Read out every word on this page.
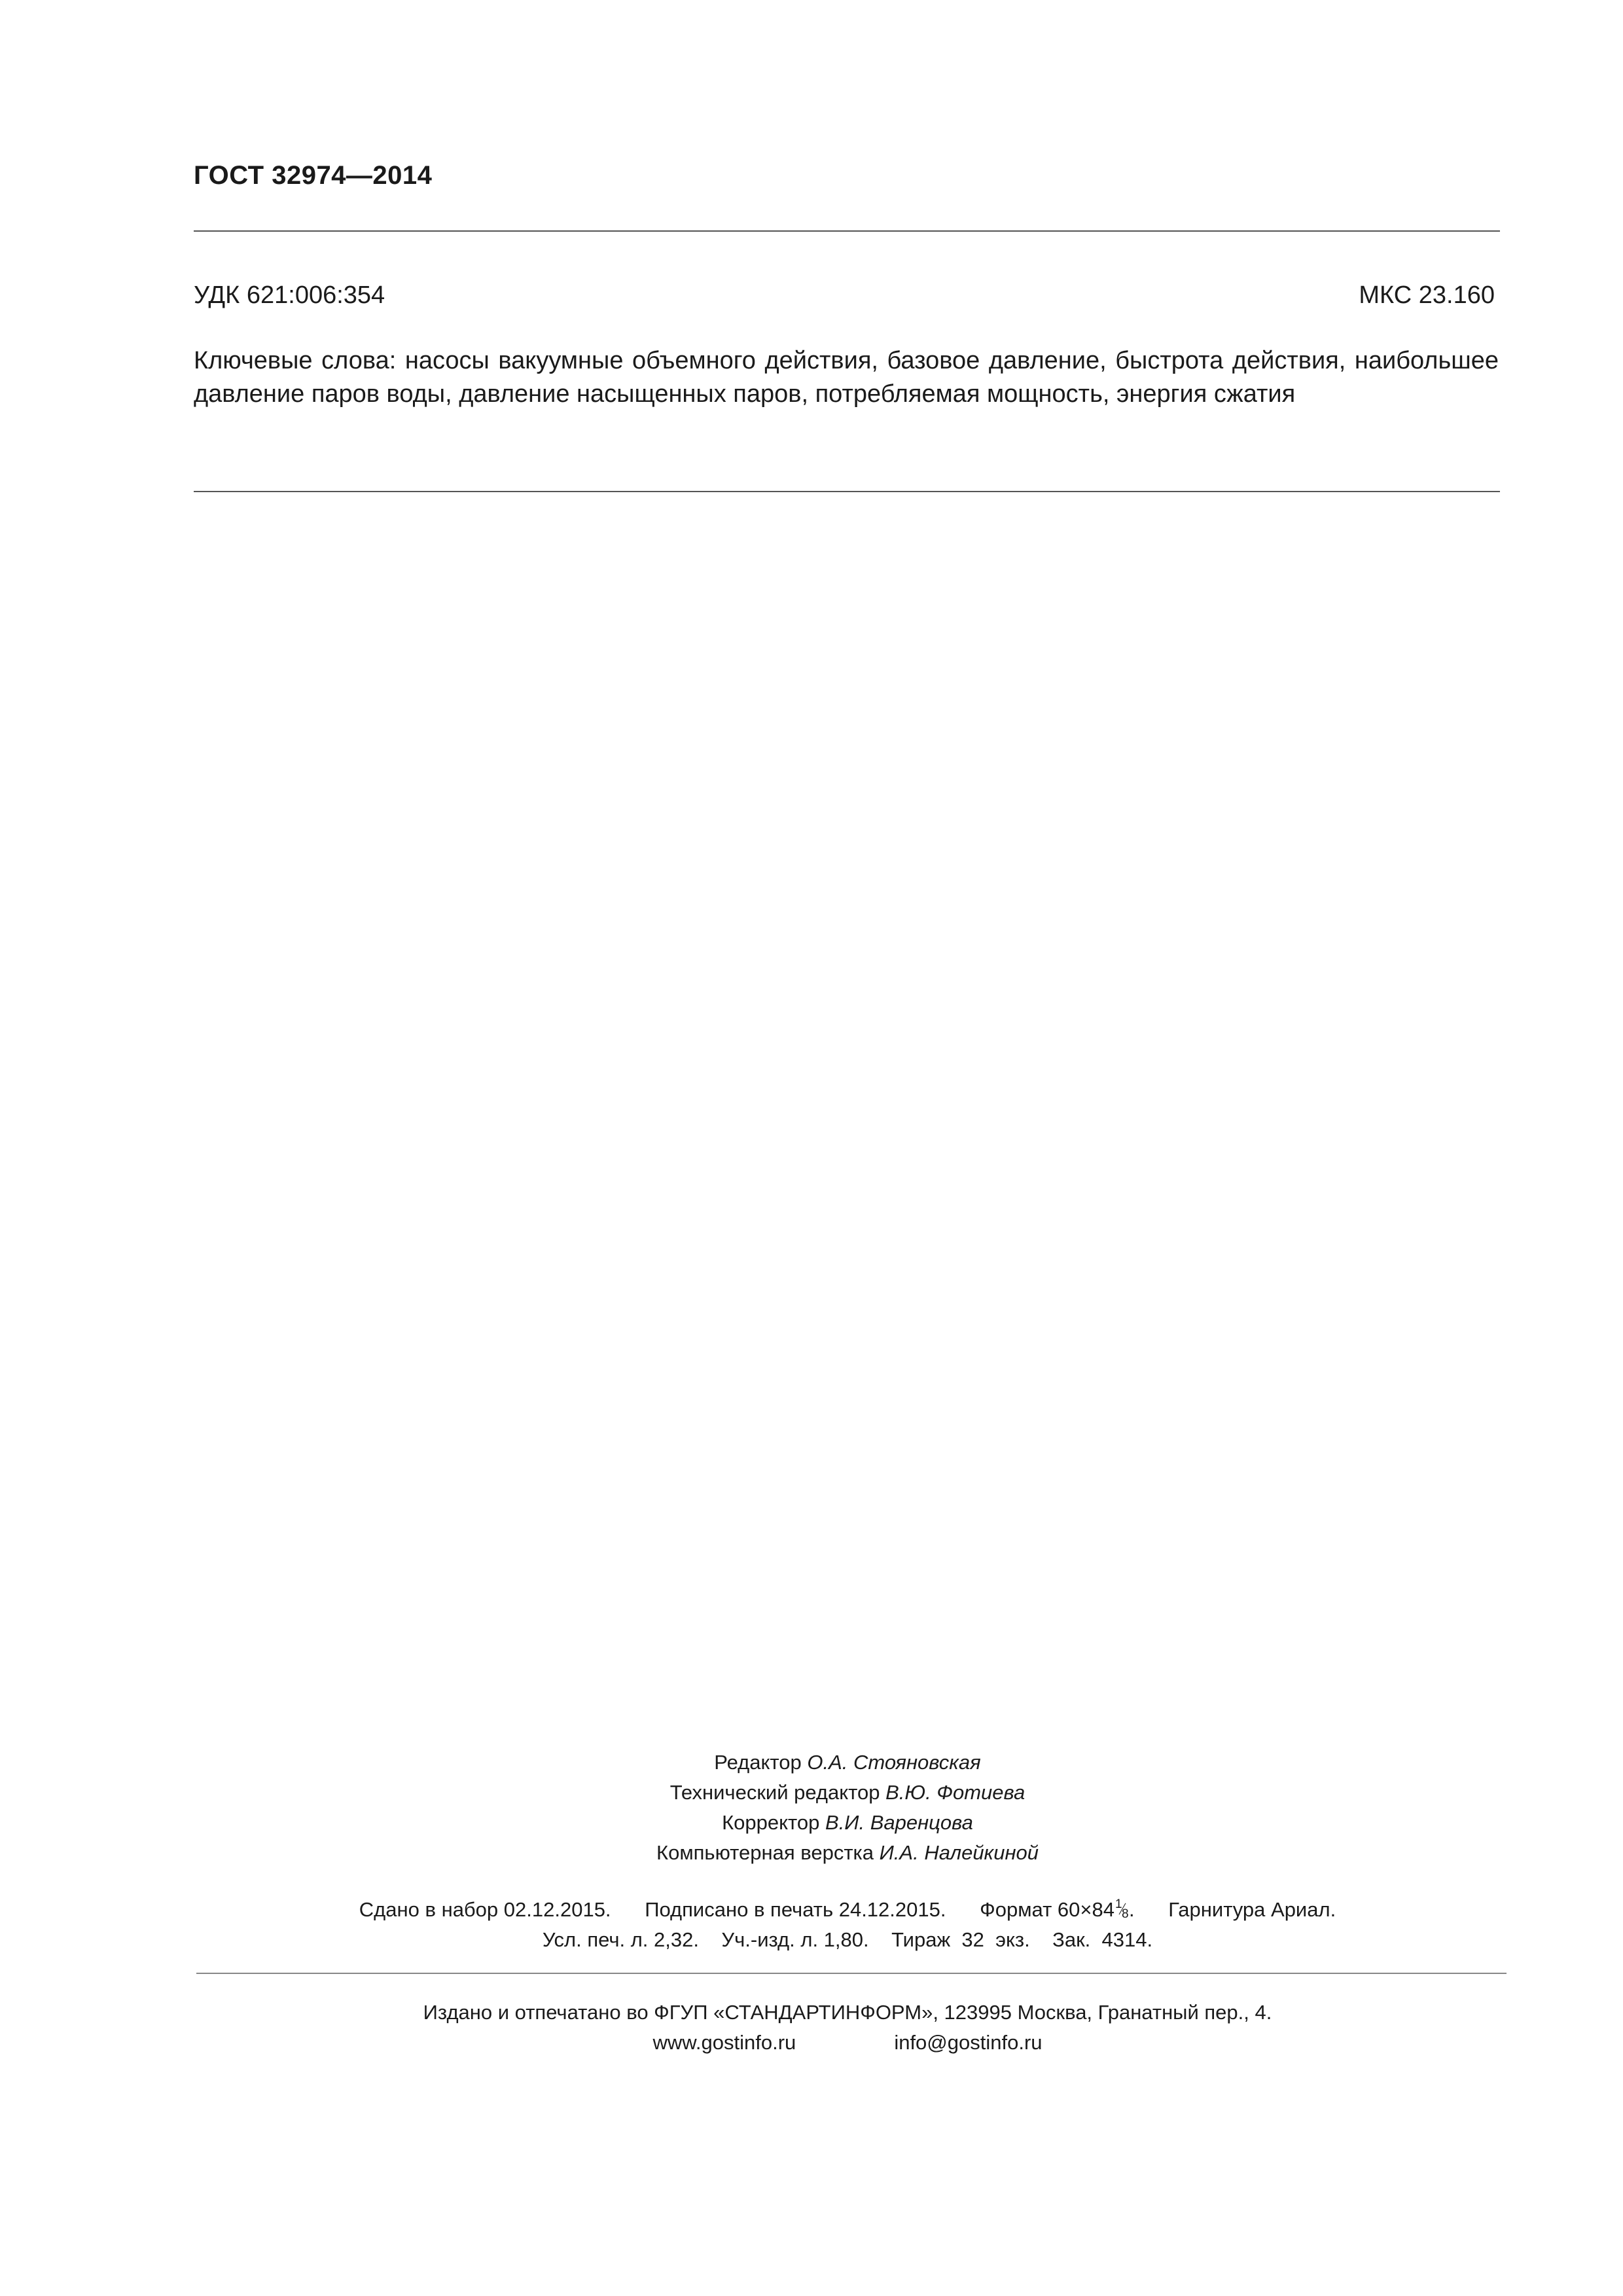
ГОСТ 32974—2014
УДК 621:006:354	МКС 23.160
Ключевые слова: насосы вакуумные объемного действия, базовое давление, быстрота действия, наибольшее давление паров воды, давление насыщенных паров, потребляемая мощность, энергия сжатия
Редактор О.А. Стояновская
Технический редактор В.Ю. Фотиева
Корректор В.И. Варенцова
Компьютерная верстка И.А. Налейкиной
Сдано в набор 02.12.2015.      Подписано в печать 24.12.2015.      Формат 60×84 1
8 .      Гарнитура Ариал.
Усл. печ. л. 2,32.    Уч.-изд. л. 1,80.    Тираж  32  экз.    Зак.  4314.
Издано и отпечатано во ФГУП «СТАНДАРТИНФОРМ», 123995 Москва, Гранатный пер., 4.
www.gostinfo.ru	info@gostinfo.ru
